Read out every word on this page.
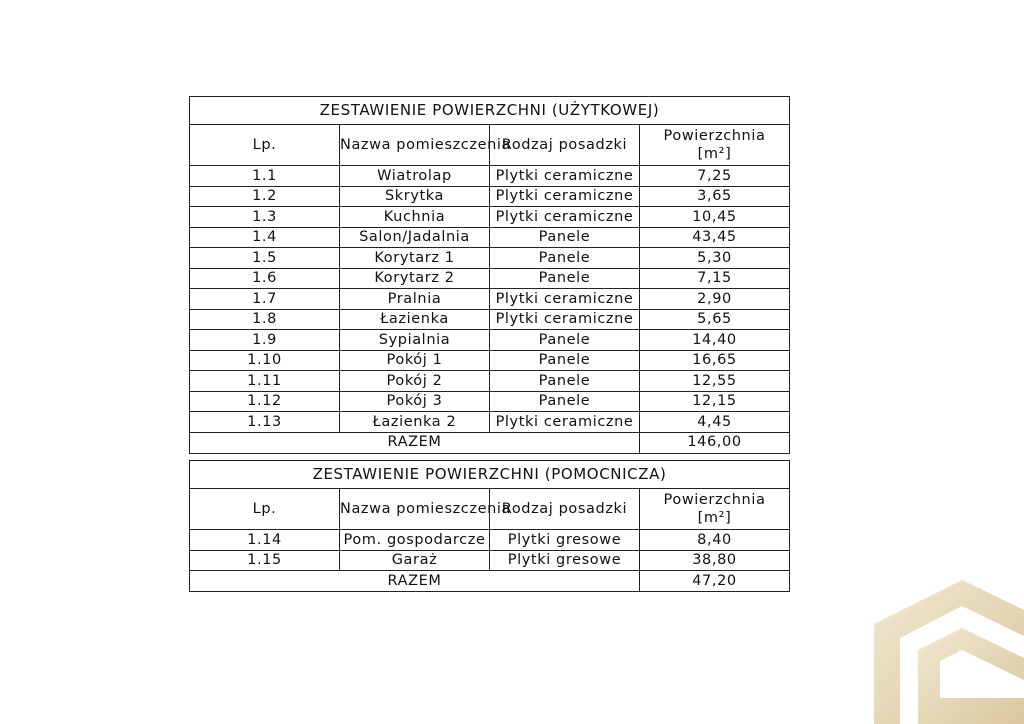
ZESTAWIENIE POWIERZCHNI (UŻYTKOWEJ)			
Lp.	Nazwa pomieszczenia	Rodzaj posadzki	Powierzchnia
[m²]

1.1	Wiatrolap	Plytki ceramiczne	7,25
1.2	Skrytka	Plytki ceramiczne	3,65
1.3	Kuchnia	Plytki ceramiczne	10,45
1.4	Salon/Jadalnia	Panele	43,45
1.5	Korytarz 1	Panele	5,30
1.6	Korytarz 2	Panele	7,15
1.7	Pralnia	Plytki ceramiczne	2,90
1.8	Łazienka	Plytki ceramiczne	5,65
1.9	Sypialnia	Panele	14,40
1.10	Pokój 1	Panele	16,65
1.11	Pokój 2	Panele	12,55
1.12	Pokój 3	Panele	12,15
1.13	Łazienka 2	Plytki ceramiczne	4,45
RAZEM			146,00
ZESTAWIENIE POWIERZCHNI (POMOCNICZA)			
Lp.	Nazwa pomieszczenia	Rodzaj posadzki	Powierzchnia
[m²]

1.14	Pom. gospodarcze	Plytki gresowe	8,40
1.15	Garaż	Plytki gresowe	38,80
RAZEM			47,20
